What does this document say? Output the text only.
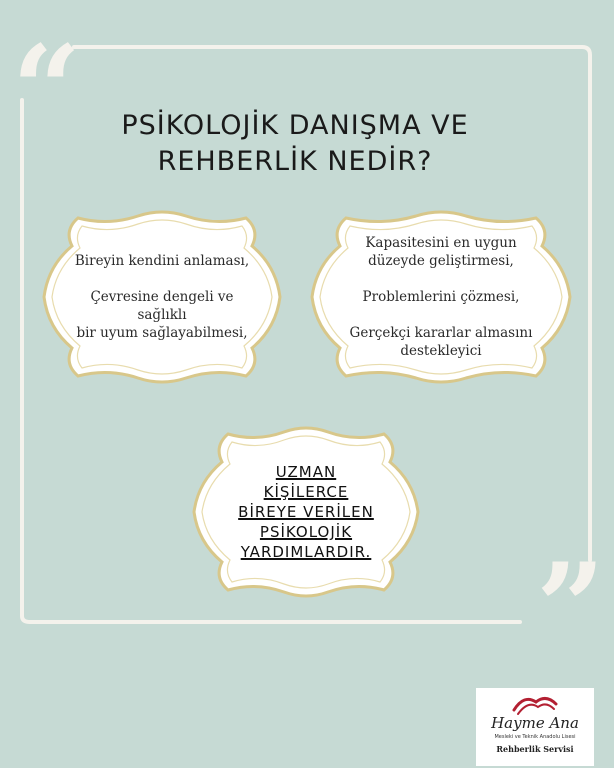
“
”
PSİKOLOJİK DANIŞMA VE
REHBERLİK NEDİR?

Bireyin kendini anlaması,

Çevresine dengeli ve sağlıklı

bir uyum sağlayabilmesi,

Kapasitesini en uygun

düzeyde geliştirmesi,

Problemlerini çözmesi,

Gerçekçi kararlar almasını

destekleyici

UZMAN

KİŞİLERCE

BİREYE VERİLEN

PSİKOLOJİK

YARDIMLARDIR.

Hayme Ana
Mesleki ve Teknik Anadolu Lisesi
Rehberlik Servisi
